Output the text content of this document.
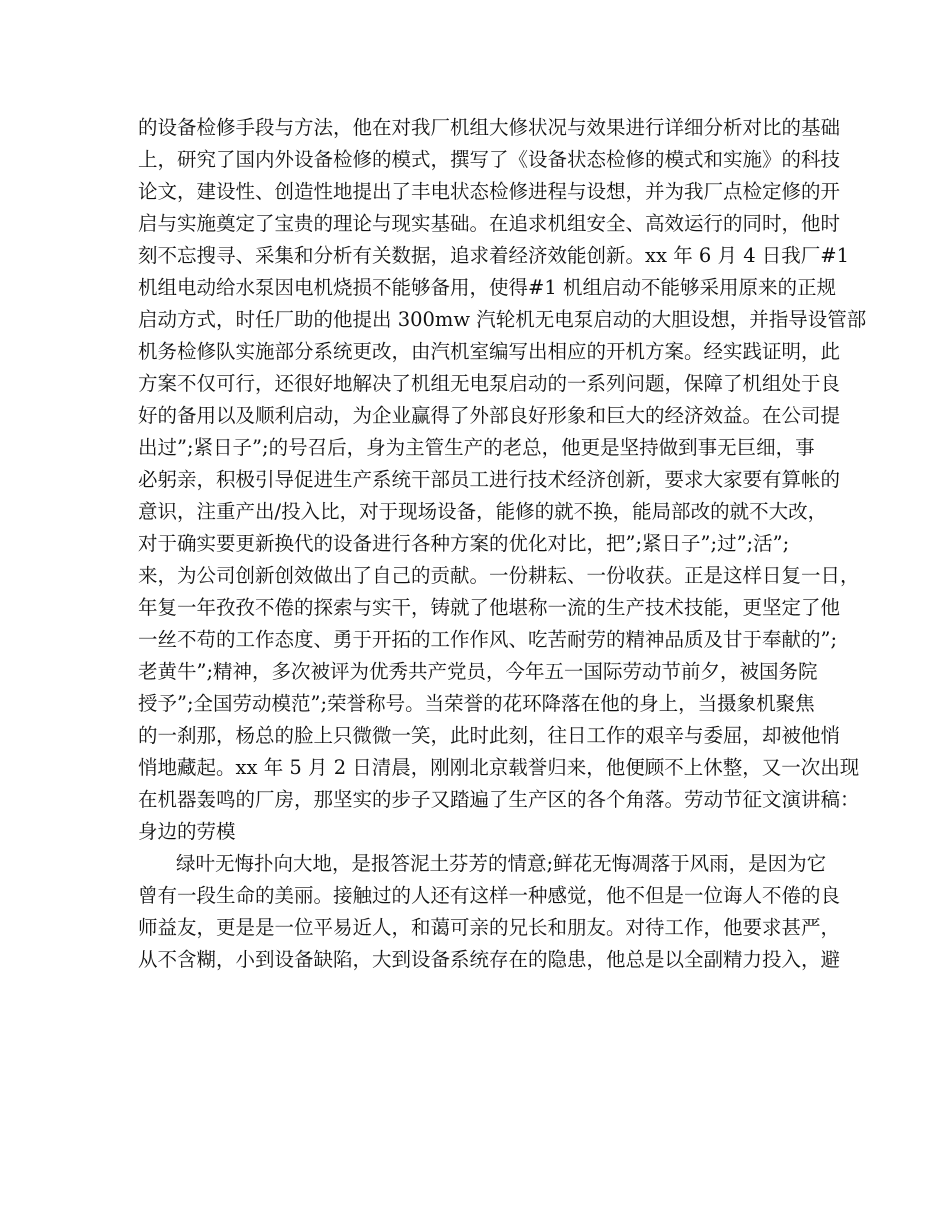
的设备检修手段与方法，他在对我厂机组大修状况与效果进行详细分析对比的基础
上，研究了国内外设备检修的模式，撰写了《设备状态检修的模式和实施》的科技
论文，建设性、创造性地提出了丰电状态检修进程与设想，并为我厂点检定修的开
启与实施奠定了宝贵的理论与现实基础。在追求机组安全、高效运行的同时，他时
刻不忘搜寻、采集和分析有关数据，追求着经济效能创新。xx 年 6 月 4 日我厂#1
机组电动给水泵因电机烧损不能够备用，使得#1 机组启动不能够采用原来的正规
启动方式，时任厂助的他提出 300mw 汽轮机无电泵启动的大胆设想，并指导设管部
机务检修队实施部分系统更改，由汽机室编写出相应的开机方案。经实践证明，此
方案不仅可行，还很好地解决了机组无电泵启动的一系列问题，保障了机组处于良
好的备用以及顺利启动，为企业赢得了外部良好形象和巨大的经济效益。在公司提
出过”;紧日子”;的号召后，身为主管生产的老总，他更是坚持做到事无巨细，事
必躬亲，积极引导促进生产系统干部员工进行技术经济创新，要求大家要有算帐的
意识，注重产出/投入比，对于现场设备，能修的就不换，能局部改的就不大改，
对于确实要更新换代的设备进行各种方案的优化对比，把”;紧日子”;过”;活”;
来，为公司创新创效做出了自己的贡献。一份耕耘、一份收获。正是这样日复一日，
年复一年孜孜不倦的探索与实干，铸就了他堪称一流的生产技术技能，更坚定了他
一丝不苟的工作态度、勇于开拓的工作作风、吃苦耐劳的精神品质及甘于奉献的”;
老黄牛”;精神，多次被评为优秀共产党员，今年五一国际劳动节前夕，被国务院
授予”;全国劳动模范”;荣誉称号。当荣誉的花环降落在他的身上，当摄象机聚焦
的一刹那，杨总的脸上只微微一笑，此时此刻，往日工作的艰辛与委屈，却被他悄
悄地藏起。xx 年 5 月 2 日清晨，刚刚北京载誉归来，他便顾不上休整，又一次出现
在机器轰鸣的厂房，那坚实的步子又踏遍了生产区的各个角落。劳动节征文演讲稿：
身边的劳模
绿叶无悔扑向大地，是报答泥土芬芳的情意;鲜花无悔凋落于风雨，是因为它
曾有一段生命的美丽。接触过的人还有这样一种感觉，他不但是一位诲人不倦的良
师益友，更是是一位平易近人，和蔼可亲的兄长和朋友。对待工作，他要求甚严，
从不含糊，小到设备缺陷，大到设备系统存在的隐患，他总是以全副精力投入，避
